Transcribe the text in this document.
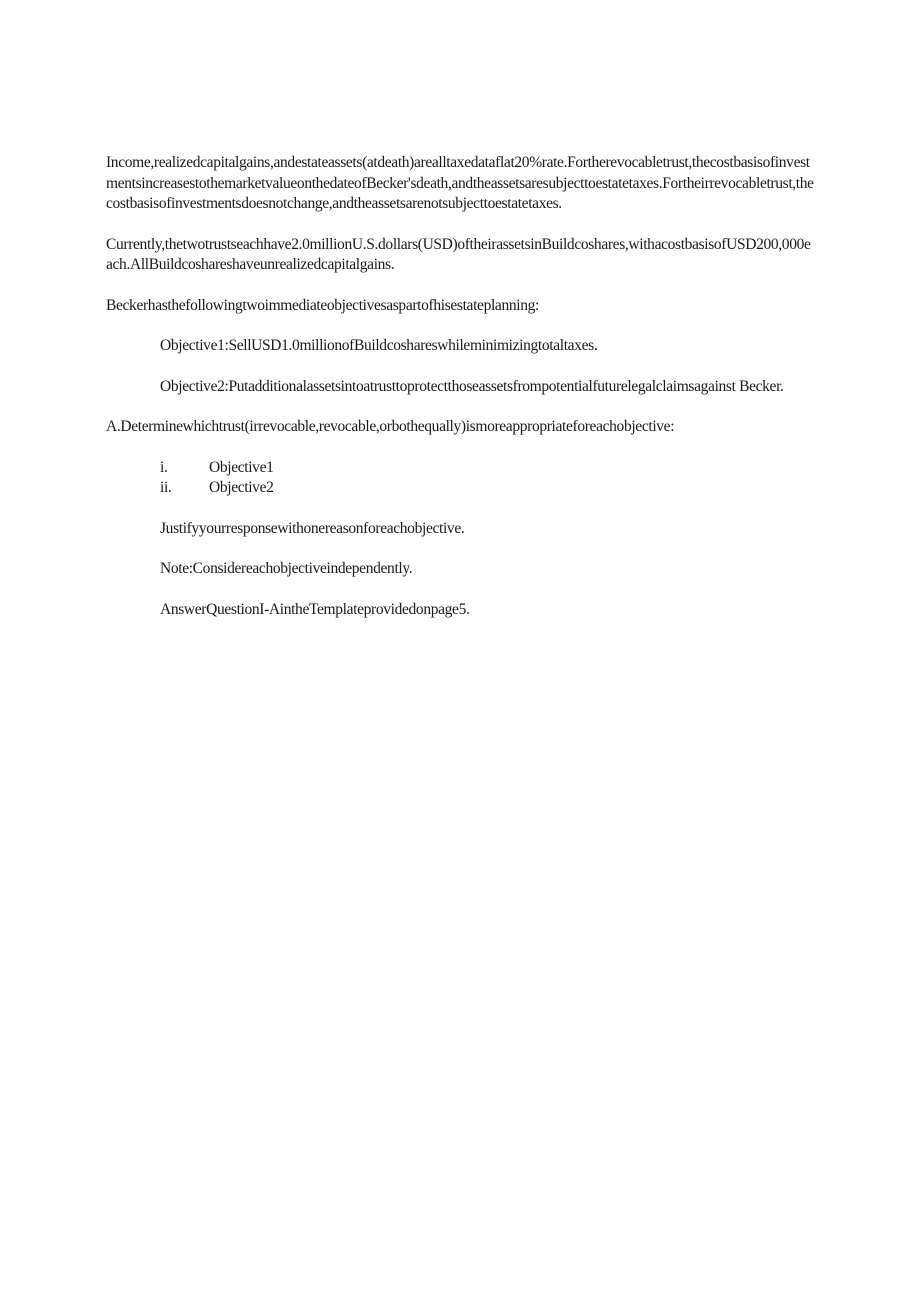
Income,realizedcapitalgains,andestateassets(atdeath)arealltaxedataflat20%rate.Fortherevocabletrust,thecostbasisofinvestmentsincreasestothemarketvalueonthedateofBecker'sdeath,andtheassetsaresubjecttoestatetaxes.Fortheirrevocabletrust,thecostbasisofinvestmentsdoesnotchange,andtheassetsarenotsubjecttoestatetaxes.

Currently,thetwotrustseachhave2.0millionU.S.dollars(USD)oftheirassetsinBuildcoshares,withacostbasisofUSD200,000each.AllBuildcoshareshaveunrealizedcapitalgains.

Beckerhasthefollowingtwoimmediateobjectivesaspartofhisestateplanning:

Objective1:SellUSD1.0millionofBuildcoshareswhileminimizingtotaltaxes.

Objective2:Putadditionalassetsintoatrusttoprotectthoseassetsfrompotentialfuturelegalclaimsagainst Becker.

A.Determinewhichtrust(irrevocable,revocable,orbothequally)ismoreappropriateforeachobjective:

i.	Objective1
ii.	Objective2

Justifyyourresponsewithonereasonforeachobjective.

Note:Considereachobjectiveindependently.

AnswerQuestionI-AintheTemplateprovidedonpage5.
